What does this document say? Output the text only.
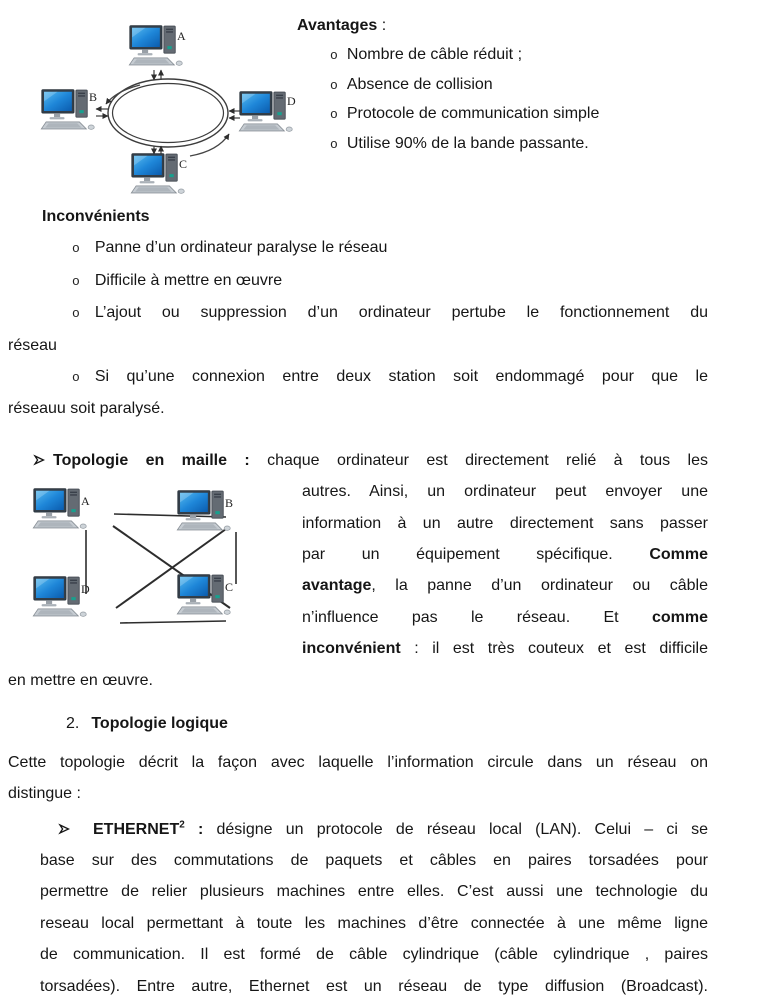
A
B	D
C
Avantages :
o Nombre de câble réduit ;
o Absence de collision
o Protocole de communication simple
o Utilise 90% de la bande passante.
Inconvénients
o Panne d’un ordinateur paralyse le réseau
o Difficile à mettre en œuvre
o L’ajout ou suppression d’un ordinateur pertube le fonctionnement du
réseau
o Si qu’une connexion entre deux station soit endommagé pour que le
réseauu soit paralysé.
Topologie en maille : chaque ordinateur est directement relié à tous les
A	B
D	C
autres. Ainsi, un ordinateur peut envoyer une
information à un autre directement sans passer
par un équipement spécifique. Comme
avantage, la panne d’un ordinateur ou câble
n’influence pas le réseau. Et comme
inconvénient : il est très couteux et est difficile
en mettre en œuvre.
2. Topologie logique
Cette topologie décrit la façon avec laquelle l’information circule dans un réseau on
distingue :
ETHERNET$^2$ : désigne un protocole de réseau local (LAN). Celui – ci se
base sur des commutations de paquets et câbles en paires torsadées pour
permettre de relier plusieurs machines entre elles. C’est aussi une technologie du
reseau local permettant à toute les machines d’être connectée à une même ligne
de communication. Il est formé de câble cylindrique (câble cylindrique , paires
torsadées). Entre autre, Ethernet est un réseau de type diffusion (Broadcast).
